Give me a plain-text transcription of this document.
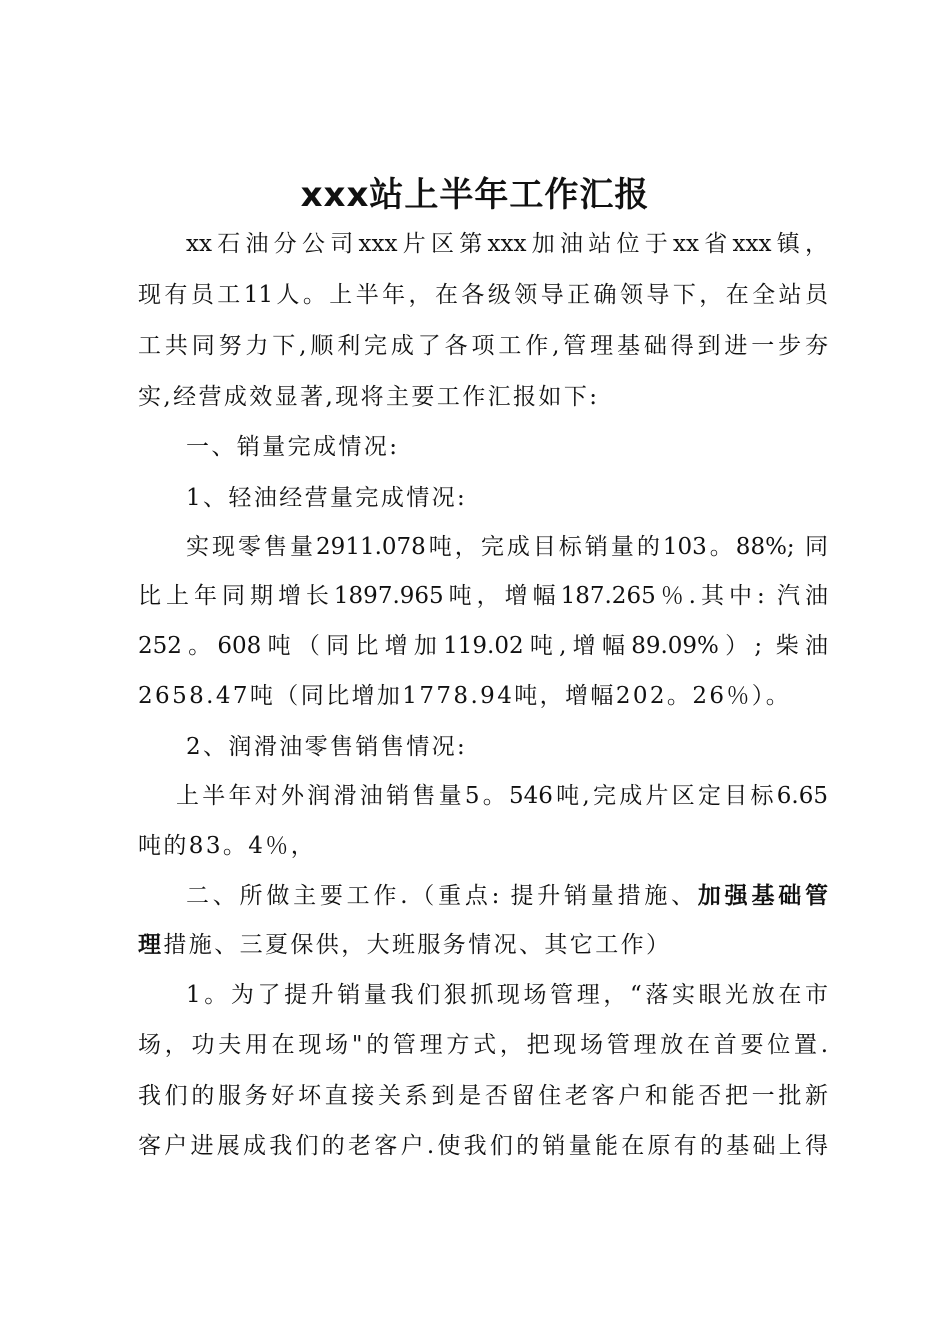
xxx站上半年工作汇报
xx石油分公司xxx片区第xxx加油站位于xx省xxx镇，
现有员工11人。上半年，在各级领导正确领导下，在全站员
工共同努力下,顺利完成了各项工作,管理基础得到进一步夯
实,经营成效显著,现将主要工作汇报如下:
一、销量完成情况:
1、轻油经营量完成情况:
实现零售量2911.078吨，完成目标销量的103。88%; 同
比上年同期增长1897.965吨，增幅187.265％.其中: 汽油
252。608吨（同比增加119.02吨,增幅89.09%）; 柴油
2658.47吨（同比增加1778.94吨，增幅202。26％）。
2、润滑油零售销售情况:
上半年对外润滑油销售量5。546吨,完成片区定目标6.65
吨的83。4％，
二、所做主要工作.（重点: 提升销量措施、加强基础管
理措施、三夏保供，大班服务情况、其它工作）
1。为了提升销量我们狠抓现场管理，“落实眼光放在市
场，功夫用在现场"的管理方式，把现场管理放在首要位置.
我们的服务好坏直接关系到是否留住老客户和能否把一批新
客户进展成我们的老客户.使我们的销量能在原有的基础上得
